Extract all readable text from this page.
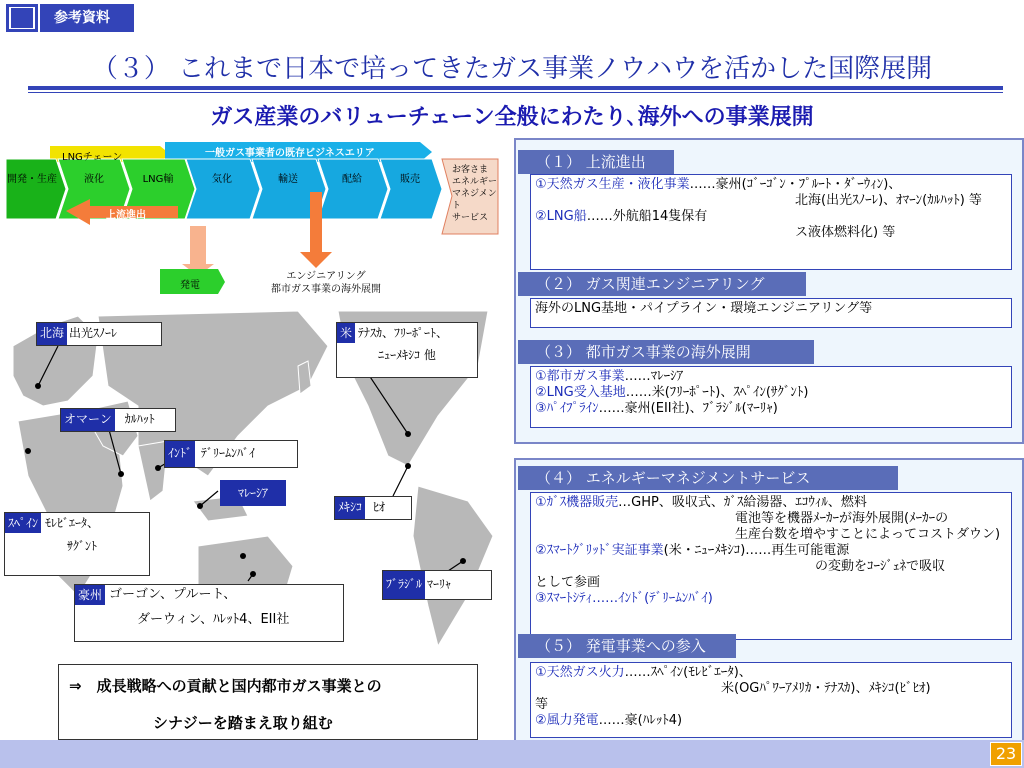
参考資料
（３） これまで日本で培ってきたガス事業ノウハウを活かした国際展開
ガス産業のバリューチェーン全般にわたり､海外への事業展開
LNGチェーン	一般ガス事業者の既存ビジネスエリア
開発・生産	液化	LNG輸	気化	輸送	配給	販売
お客さま
エネルギー
マネジメント
サービス
上流進出
発電
エンジニアリング
都市ガス事業の海外展開
北海 出光ｽﾉｰﾚ	米 ﾃﾅｽｶ、ﾌﾘｰﾎﾟｰﾄ、
ﾆｭｰﾒｷｼｺ 他
オマーン	ｶﾙﾊｯﾄ
ｲﾝﾄﾞ ﾃﾞﾘｰﾑﾝﾊﾞｲ
ﾏﾚｰｼｱ
ﾒｷｼｺ ﾋｵ
ｽﾍﾟｲﾝ ﾓﾚﾋﾞｴｰﾀ、
ｻｸﾞﾝﾄ
ﾌﾞﾗｼﾞﾙ ﾏｰﾘｬ
豪州 ゴーゴン、プルート、
ダーウィン、ﾊﾚｯﾄ4、EII社
⇒　成長戦略への貢献と国内都市ガス事業との
シナジーを踏まえ取り組む
（１） 上流進出
①天然ガス生産・液化事業……豪州(ｺﾞｰｺﾞﾝ・ﾌﾟﾙｰﾄ・ﾀﾞｰｳｨﾝ)、
北海(出光ｽﾉｰﾚ)、ｵﾏｰﾝ(ｶﾙﾊｯﾄ) 等
②LNG船……外航船14隻保有
ス液体燃料化) 等
（２） ガス関連エンジニアリング
海外のLNG基地・パイプライン・環境エンジニアリング等
（３） 都市ガス事業の海外展開
①都市ガス事業……ﾏﾚｰｼｱ
②LNG受入基地……米(ﾌﾘｰﾎﾟｰﾄ)、ｽﾍﾟｲﾝ(ｻｸﾞﾝﾄ)
③ﾊﾟｲﾌﾟﾗｲﾝ……豪州(EII社)、ﾌﾞﾗｼﾞﾙ(ﾏｰﾘｬ)
（４） エネルギーマネジメントサービス
①ｶﾞｽ機器販売…GHP、吸収式、ｶﾞｽ給湯器、ｴｺｳｨﾙ、燃料
電池等を機器ﾒｰｶｰが海外展開(ﾒｰｶｰの
生産台数を増やすことによってコストダウン)
②ｽﾏｰﾄｸﾞﾘｯﾄﾞ実証事業(米・ﾆｭｰﾒｷｼｺ)……再生可能電源
の変動をｺｰｼﾞｪﾈで吸収
として参画
③ｽﾏｰﾄｼﾃｨ……ｲﾝﾄﾞ(ﾃﾞﾘｰﾑﾝﾊﾞｲ)
（５） 発電事業への参入
①天然ガス火力……ｽﾍﾟｲﾝ(ﾓﾚﾋﾞｴｰﾀ)、
米(OGﾊﾟﾜｰｱﾒﾘｶ・ﾃﾅｽｶ)、ﾒｷｼｺ(ﾋﾞﾋｵ)
等
②風力発電……豪(ﾊﾚｯﾄ4)
23
